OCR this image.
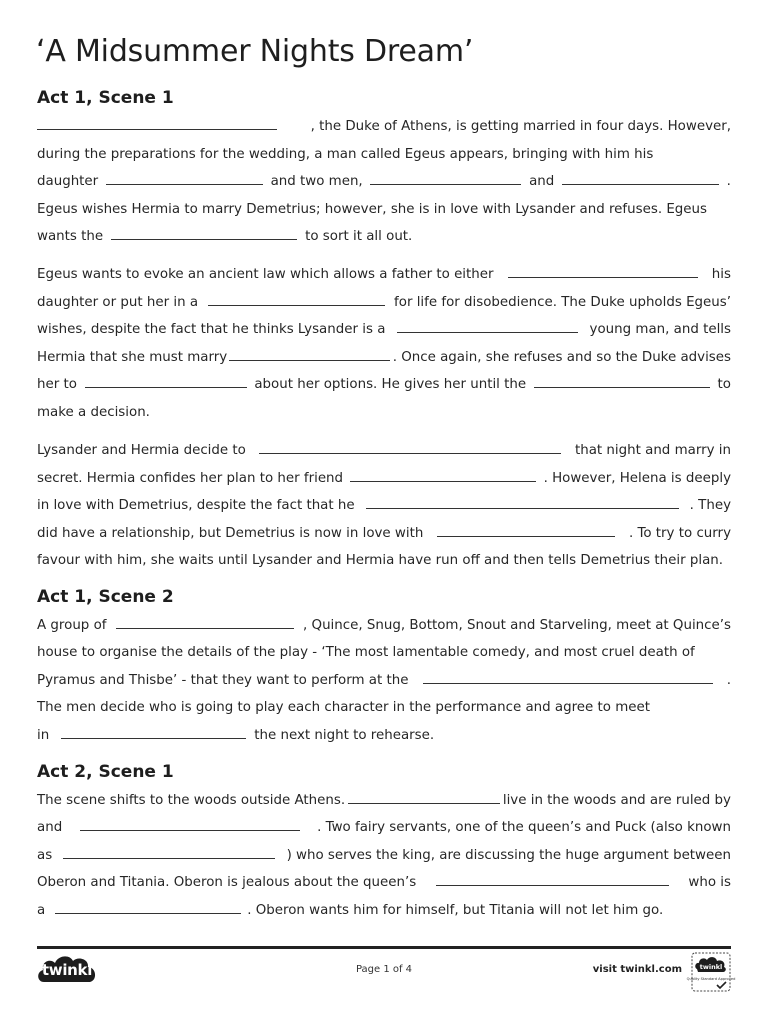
‘A Midsummer Nights Dream’
Act 1, Scene 1
, the Duke of Athens, is getting married in four days. However,
during the preparations for the wedding, a man called Egeus appears, bringing with him his
daughter	and two men,	and	.
Egeus wishes Hermia to marry Demetrius; however, she is in love with Lysander and refuses. Egeus
wants the	to sort it all out.
Egeus wants to evoke an ancient law which allows a father to either	his
daughter or put her in a	for life for disobedience. The Duke upholds Egeus’
wishes, despite the fact that he thinks Lysander is a	young man, and tells
Hermia that she must marry	. Once again, she refuses and so the Duke advises
her to	about her options. He gives her until the	to
make a decision.
Lysander and Hermia decide to	that night and marry in
secret. Hermia confides her plan to her friend	. However, Helena is deeply
in love with Demetrius, despite the fact that he	. They
did have a relationship, but Demetrius is now in love with	. To try to curry
favour with him, she waits until Lysander and Hermia have run off and then tells Demetrius their plan.
Act 1, Scene 2
A group of	, Quince, Snug, Bottom, Snout and Starveling, meet at Quince’s
house to organise the details of the play - ‘The most lamentable comedy, and most cruel death of
Pyramus and Thisbe’ - that they want to perform at the	.
The men decide who is going to play each character in the performance and agree to meet
in	the next night to rehearse.
Act 2, Scene 1
The scene shifts to the woods outside Athens.	live in the woods and are ruled by
and	. Two fairy servants, one of the queen’s and Puck (also known
as	) who serves the king, are discussing the huge argument between
Oberon and Titania. Oberon is jealous about the queen’s	who is
a	. Oberon wants him for himself, but Titania will not let him go.
twinkl	Page 1 of 4	visit twinkl.com	twinkl
Quality Standard Approved
